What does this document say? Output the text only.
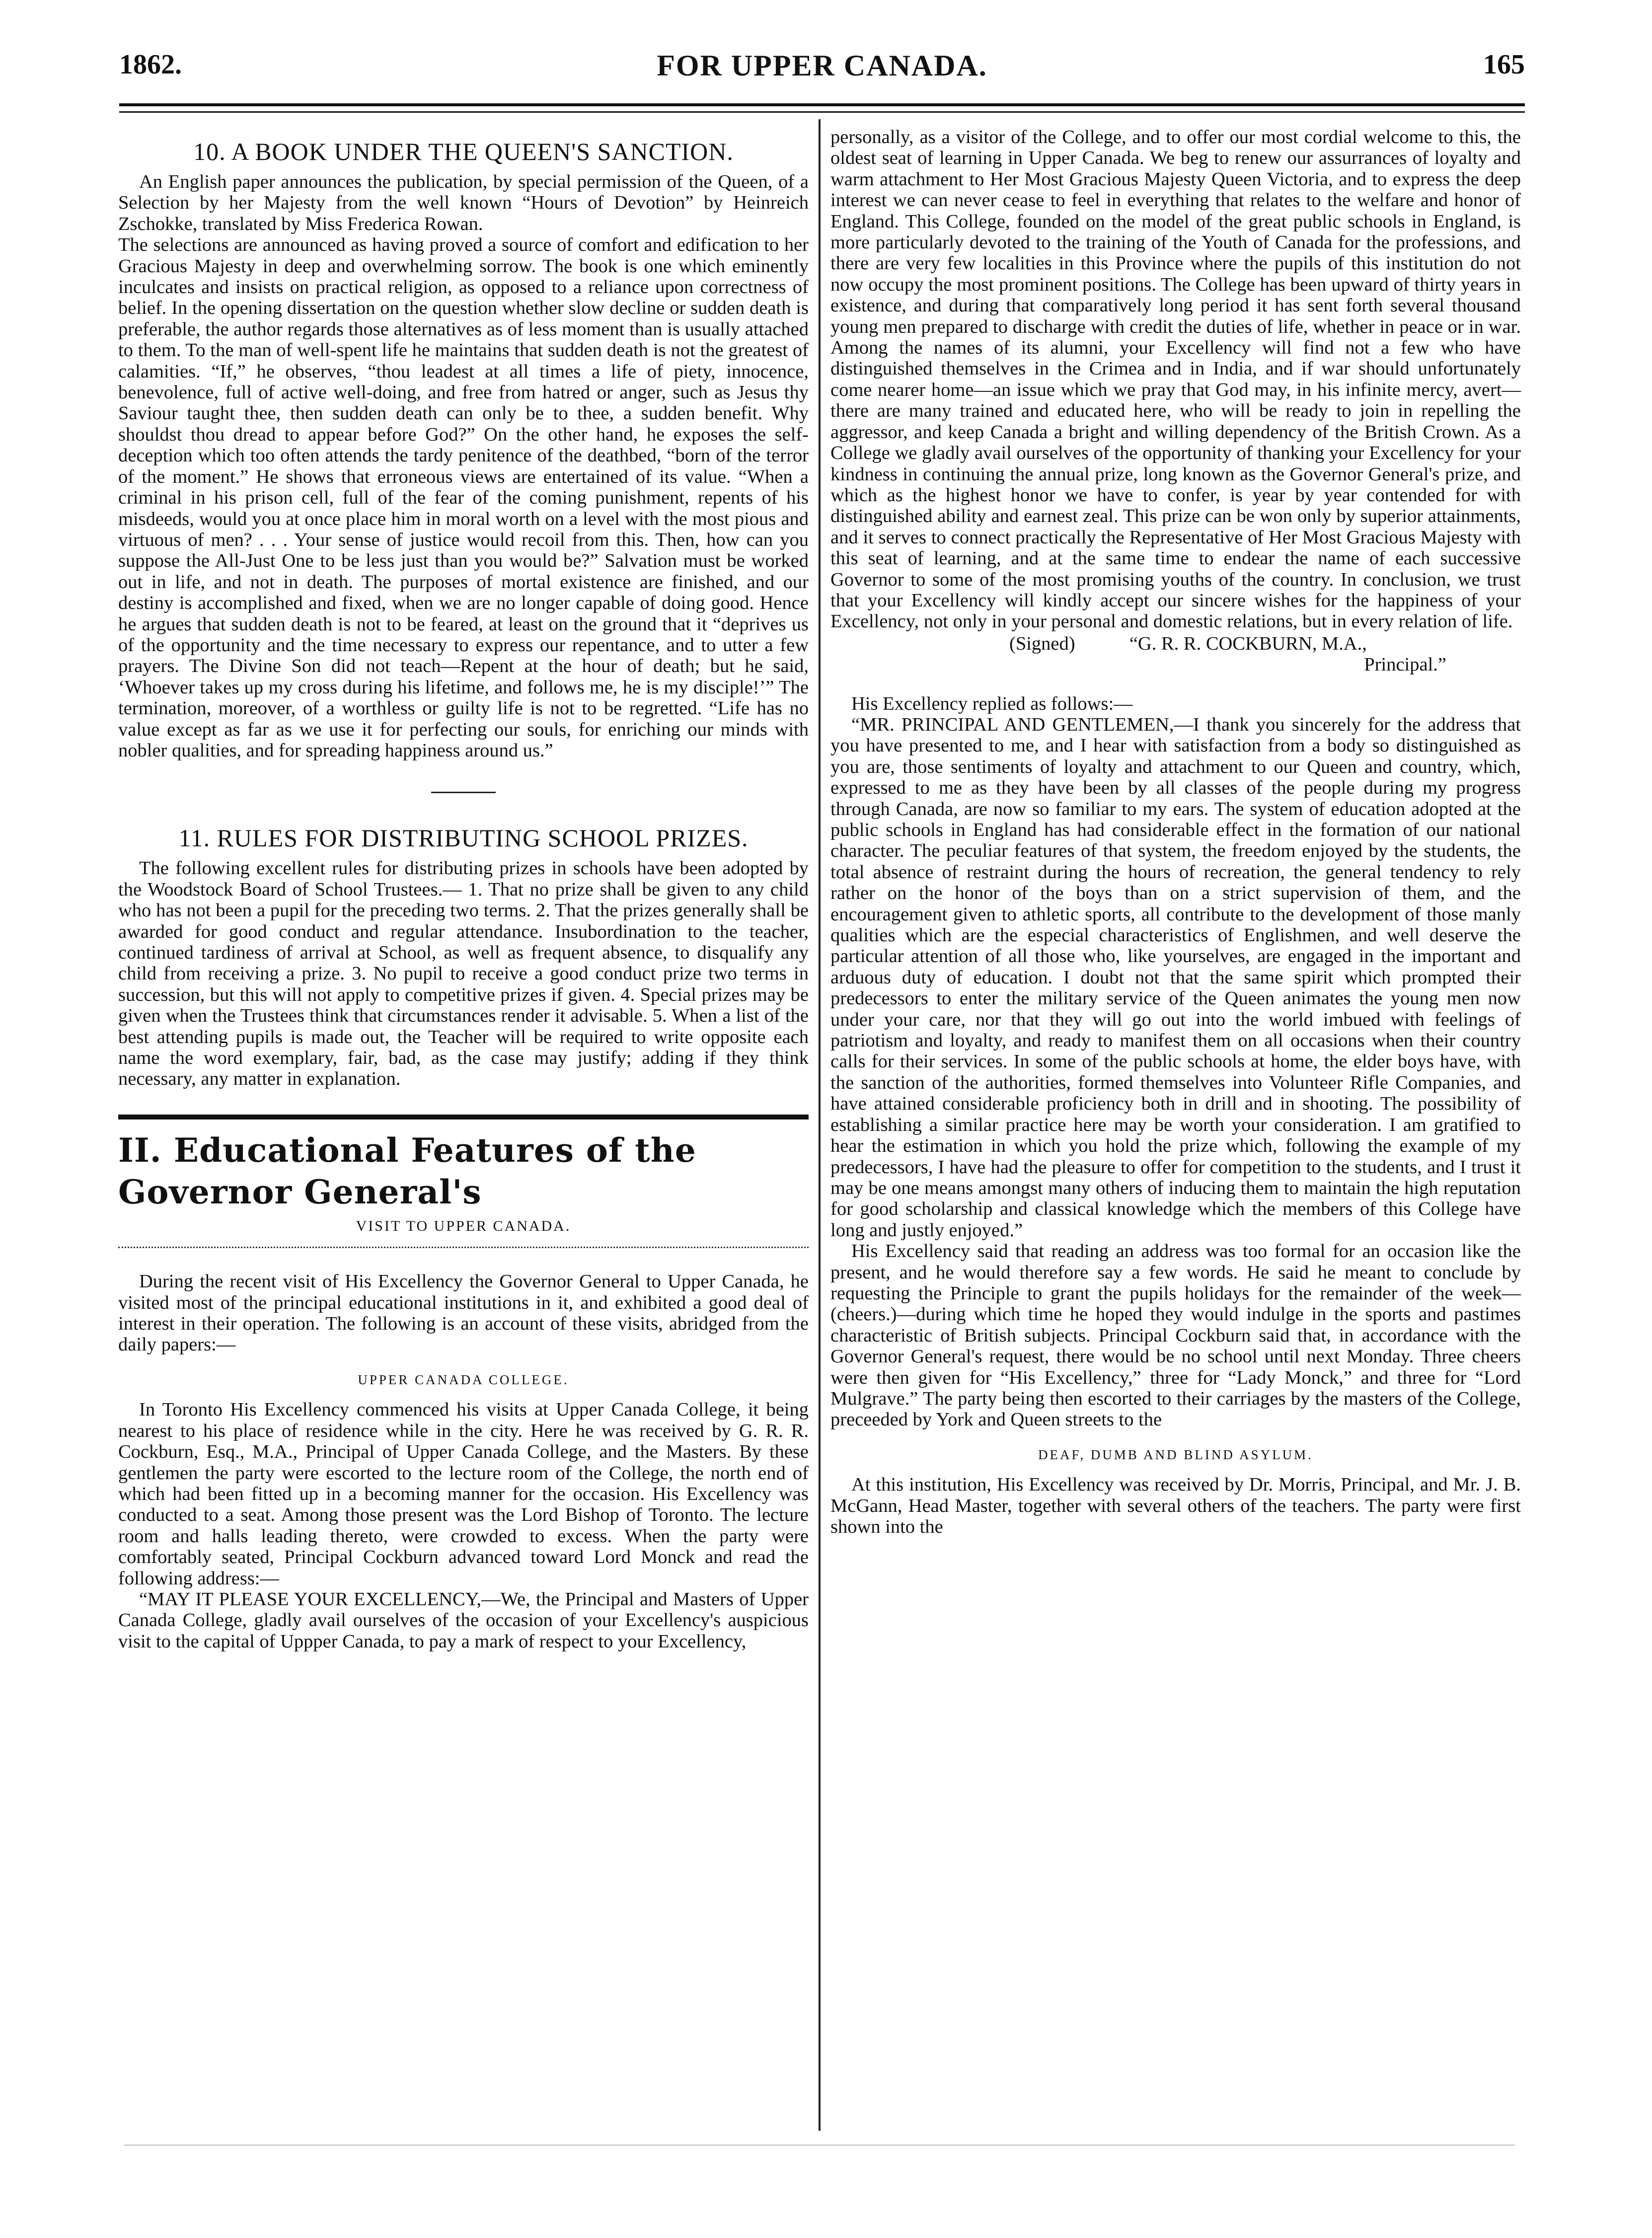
1862.	FOR UPPER CANADA.	165
10. A BOOK UNDER THE QUEEN'S SANCTION.

An English paper announces the publication, by special permission of the Queen, of a Selection by her Majesty from the well known “Hours of Devotion” by Heinreich Zschokke, translated by Miss Frederica Rowan.

The selections are announced as having proved a source of comfort and edification to her Gracious Majesty in deep and overwhelming sorrow. The book is one which eminently inculcates and insists on practical religion, as opposed to a reliance upon correctness of belief. In the opening dissertation on the question whether slow decline or sudden death is preferable, the author regards those alternatives as of less moment than is usually attached to them. To the man of well-spent life he maintains that sudden death is not the greatest of calamities. “If,” he observes, “thou leadest at all times a life of piety, innocence, benevolence, full of active well-doing, and free from hatred or anger, such as Jesus thy Saviour taught thee, then sudden death can only be to thee, a sudden benefit. Why shouldst thou dread to appear before God?” On the other hand, he exposes the self-deception which too often attends the tardy penitence of the deathbed, “born of the terror of the moment.” He shows that erroneous views are entertained of its value. “When a criminal in his prison cell, full of the fear of the coming punishment, repents of his misdeeds, would you at once place him in moral worth on a level with the most pious and virtuous of men? . . . Your sense of justice would recoil from this. Then, how can you suppose the All-Just One to be less just than you would be?” Salvation must be worked out in life, and not in death. The purposes of mortal existence are finished, and our destiny is accomplished and fixed, when we are no longer capable of doing good. Hence he argues that sudden death is not to be feared, at least on the ground that it “deprives us of the opportunity and the time necessary to express our repentance, and to utter a few prayers. The Divine Son did not teach—Repent at the hour of death; but he said, ‘Whoever takes up my cross during his lifetime, and follows me, he is my disciple!’” The termination, moreover, of a worthless or guilty life is not to be regretted. “Life has no value except as far as we use it for perfecting our souls, for enriching our minds with nobler qualities, and for spreading happiness around us.”

11. RULES FOR DISTRIBUTING SCHOOL PRIZES.

The following excellent rules for distributing prizes in schools have been adopted by the Woodstock Board of School Trustees.— 1. That no prize shall be given to any child who has not been a pupil for the preceding two terms. 2. That the prizes generally shall be awarded for good conduct and regular attendance. Insubordination to the teacher, continued tardiness of arrival at School, as well as frequent absence, to disqualify any child from receiving a prize. 3. No pupil to receive a good conduct prize two terms in succession, but this will not apply to competitive prizes if given. 4. Special prizes may be given when the Trustees think that circumstances render it advisable. 5. When a list of the best attending pupils is made out, the Teacher will be required to write opposite each name the word exemplary, fair, bad, as the case may justify; adding if they think necessary, any matter in explanation.

II. Educational Features of the Governor General's
VISIT TO UPPER CANADA.

During the recent visit of His Excellency the Governor General to Upper Canada, he visited most of the principal educational institutions in it, and exhibited a good deal of interest in their operation. The following is an account of these visits, abridged from the daily papers:—

UPPER CANADA COLLEGE.

In Toronto His Excellency commenced his visits at Upper Canada College, it being nearest to his place of residence while in the city. Here he was received by G. R. R. Cockburn, Esq., M.A., Principal of Upper Canada College, and the Masters. By these gentlemen the party were escorted to the lecture room of the College, the north end of which had been fitted up in a becoming manner for the occasion. His Excellency was conducted to a seat. Among those present was the Lord Bishop of Toronto. The lecture room and halls leading thereto, were crowded to excess. When the party were comfortably seated, Principal Cockburn advanced toward Lord Monck and read the following address:—

“MAY IT PLEASE YOUR EXCELLENCY,—We, the Principal and Masters of Upper Canada College, gladly avail ourselves of the occasion of your Excellency's auspicious visit to the capital of Uppper Canada, to pay a mark of respect to your Excellency,

personally, as a visitor of the College, and to offer our most cordial welcome to this, the oldest seat of learning in Upper Canada. We beg to renew our assurrances of loyalty and warm attachment to Her Most Gracious Majesty Queen Victoria, and to express the deep interest we can never cease to feel in everything that relates to the welfare and honor of England. This College, founded on the model of the great public schools in England, is more particularly devoted to the training of the Youth of Canada for the professions, and there are very few localities in this Province where the pupils of this institution do not now occupy the most prominent positions. The College has been upward of thirty years in existence, and during that comparatively long period it has sent forth several thousand young men prepared to discharge with credit the duties of life, whether in peace or in war. Among the names of its alumni, your Excellency will find not a few who have distinguished themselves in the Crimea and in India, and if war should unfortunately come nearer home—an issue which we pray that God may, in his infinite mercy, avert—there are many trained and educated here, who will be ready to join in repelling the aggressor, and keep Canada a bright and willing dependency of the British Crown. As a College we gladly avail ourselves of the opportunity of thanking your Excellency for your kindness in continuing the annual prize, long known as the Governor General's prize, and which as the highest honor we have to confer, is year by year contended for with distinguished ability and earnest zeal. This prize can be won only by superior attainments, and it serves to connect practically the Representative of Her Most Gracious Majesty with this seat of learning, and at the same time to endear the name of each successive Governor to some of the most promising youths of the country. In conclusion, we trust that your Excellency will kindly accept our sincere wishes for the happiness of your Excellency, not only in your personal and domestic relations, but in every relation of life.

(Signed)	“G. R. R. COCKBURN, M.A.,
Principal.”

His Excellency replied as follows:—

“MR. PRINCIPAL AND GENTLEMEN,—I thank you sincerely for the address that you have presented to me, and I hear with satisfaction from a body so distinguished as you are, those sentiments of loyalty and attachment to our Queen and country, which, expressed to me as they have been by all classes of the people during my progress through Canada, are now so familiar to my ears. The system of education adopted at the public schools in England has had considerable effect in the formation of our national character. The peculiar features of that system, the freedom enjoyed by the students, the total absence of restraint during the hours of recreation, the general tendency to rely rather on the honor of the boys than on a strict supervision of them, and the encouragement given to athletic sports, all contribute to the development of those manly qualities which are the especial characteristics of Englishmen, and well deserve the particular attention of all those who, like yourselves, are engaged in the important and arduous duty of education. I doubt not that the same spirit which prompted their predecessors to enter the military service of the Queen animates the young men now under your care, nor that they will go out into the world imbued with feelings of patriotism and loyalty, and ready to manifest them on all occasions when their country calls for their services. In some of the public schools at home, the elder boys have, with the sanction of the authorities, formed themselves into Volunteer Rifle Companies, and have attained considerable proficiency both in drill and in shooting. The possibility of establishing a similar practice here may be worth your consideration. I am gratified to hear the estimation in which you hold the prize which, following the example of my predecessors, I have had the pleasure to offer for competition to the students, and I trust it may be one means amongst many others of inducing them to maintain the high reputation for good scholarship and classical knowledge which the members of this College have long and justly enjoyed.”

His Excellency said that reading an address was too formal for an occasion like the present, and he would therefore say a few words. He said he meant to conclude by requesting the Principle to grant the pupils holidays for the remainder of the week—(cheers.)—during which time he hoped they would indulge in the sports and pastimes characteristic of British subjects. Principal Cockburn said that, in accordance with the Governor General's request, there would be no school until next Monday. Three cheers were then given for “His Excellency,” three for “Lady Monck,” and three for “Lord Mulgrave.” The party being then escorted to their carriages by the masters of the College, preceeded by York and Queen streets to the

DEAF, DUMB AND BLIND ASYLUM.

At this institution, His Excellency was received by Dr. Morris, Principal, and Mr. J. B. McGann, Head Master, together with several others of the teachers. The party were first shown into the
